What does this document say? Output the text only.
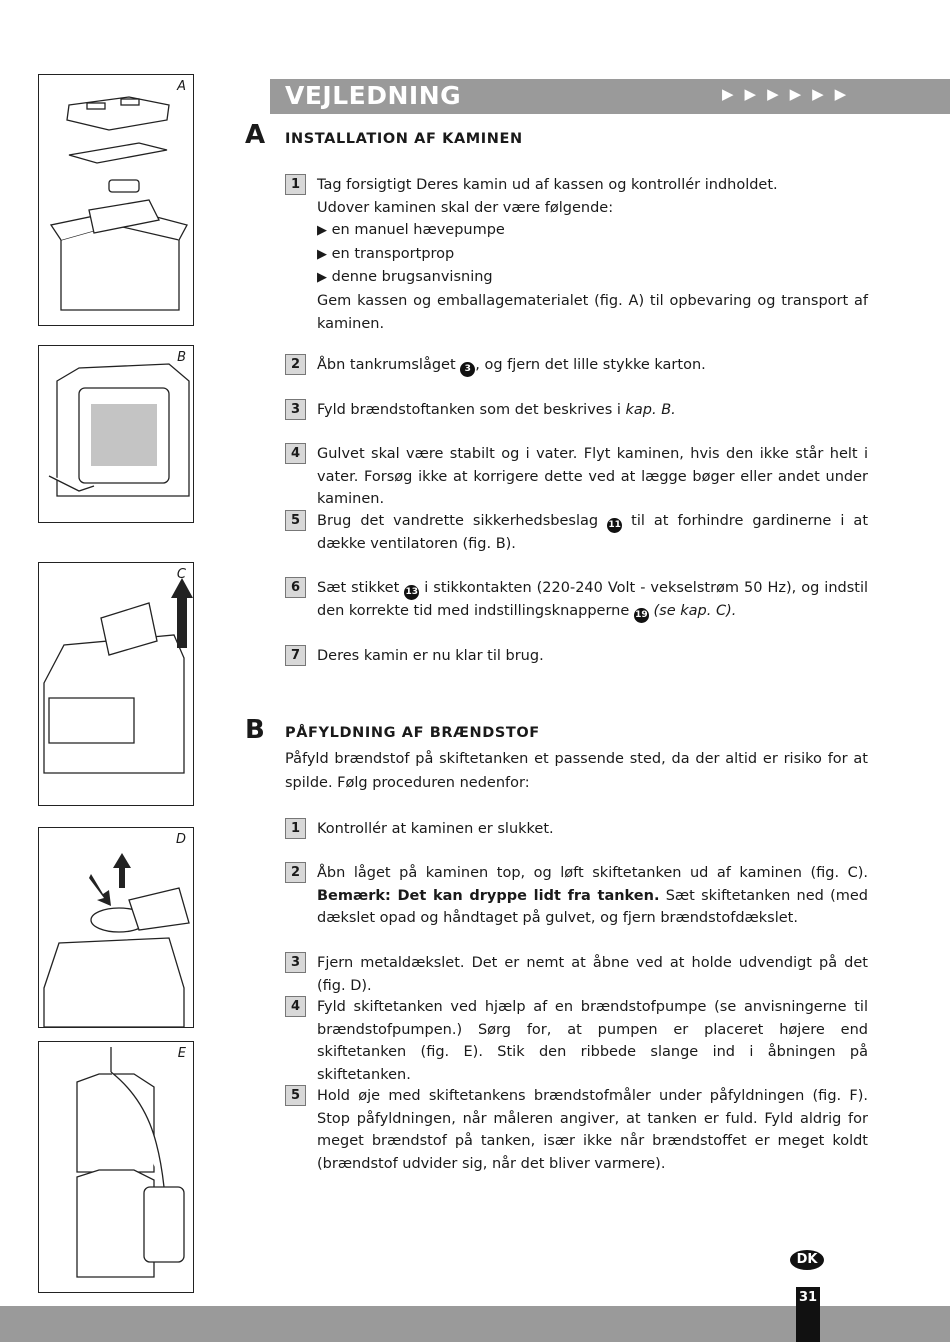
A
B
C
D
E
VEJLEDNING	▶▶▶▶▶▶
A INSTALLATION AF KAMINEN
1	Tag forsigtigt Deres kamin ud af kassen og kontrollér indholdet.
Udover kaminen skal der være følgende:
▶ en manuel hævepumpe
▶ en transportprop
▶ denne brugsanvisning
Gem kassen og emballagematerialet (fig. A) til opbevaring og transport af kaminen.
2	Åbn tankrumslåget 3 , og fjern det lille stykke karton.
3	Fyld brændstoftanken som det beskrives i kap. B.
4	Gulvet skal være stabilt og i vater. Flyt kaminen, hvis den ikke står helt i vater. Forsøg ikke at korrigere dette ved at lægge bøger eller andet under kaminen.
5	Brug det vandrette sikkerhedsbeslag 11 til at forhindre gardinerne i at dække ventilatoren (fig. B).
6	Sæt stikket 13 i stikkontakten (220-240 Volt - vekselstrøm 50 Hz), og indstil den korrekte tid med indstillingsknapperne 19 (se kap. C).
7	Deres kamin er nu klar til brug.
B PÅFYLDNING AF BRÆNDSTOF
Påfyld brændstof på skiftetanken et passende sted, da der altid er risiko for at spilde. Følg proceduren nedenfor:
1	Kontrollér at kaminen er slukket.
2	Åbn låget på kaminen top, og løft skiftetanken ud af kaminen (fig. C). Bemærk: Det kan dryppe lidt fra tanken. Sæt skiftetanken ned (med dækslet opad og håndtaget på gulvet, og fjern brændstofdækslet.
3	Fjern metaldækslet. Det er nemt at åbne ved at holde udvendigt på det (fig. D).
4	Fyld skiftetanken ved hjælp af en brændstofpumpe (se anvisningerne til brændstofpumpen.) Sørg for, at pumpen er placeret højere end skiftetanken (fig. E). Stik den ribbede slange ind i åbningen på skiftetanken.
5	Hold øje med skiftetankens brændstofmåler under påfyldningen (fig. F). Stop påfyldningen, når måleren angiver, at tanken er fuld. Fyld aldrig for meget brændstof på tanken, især ikke når brændstoffet er meget koldt (brændstof udvider sig, når det bliver varmere).
DK
31
